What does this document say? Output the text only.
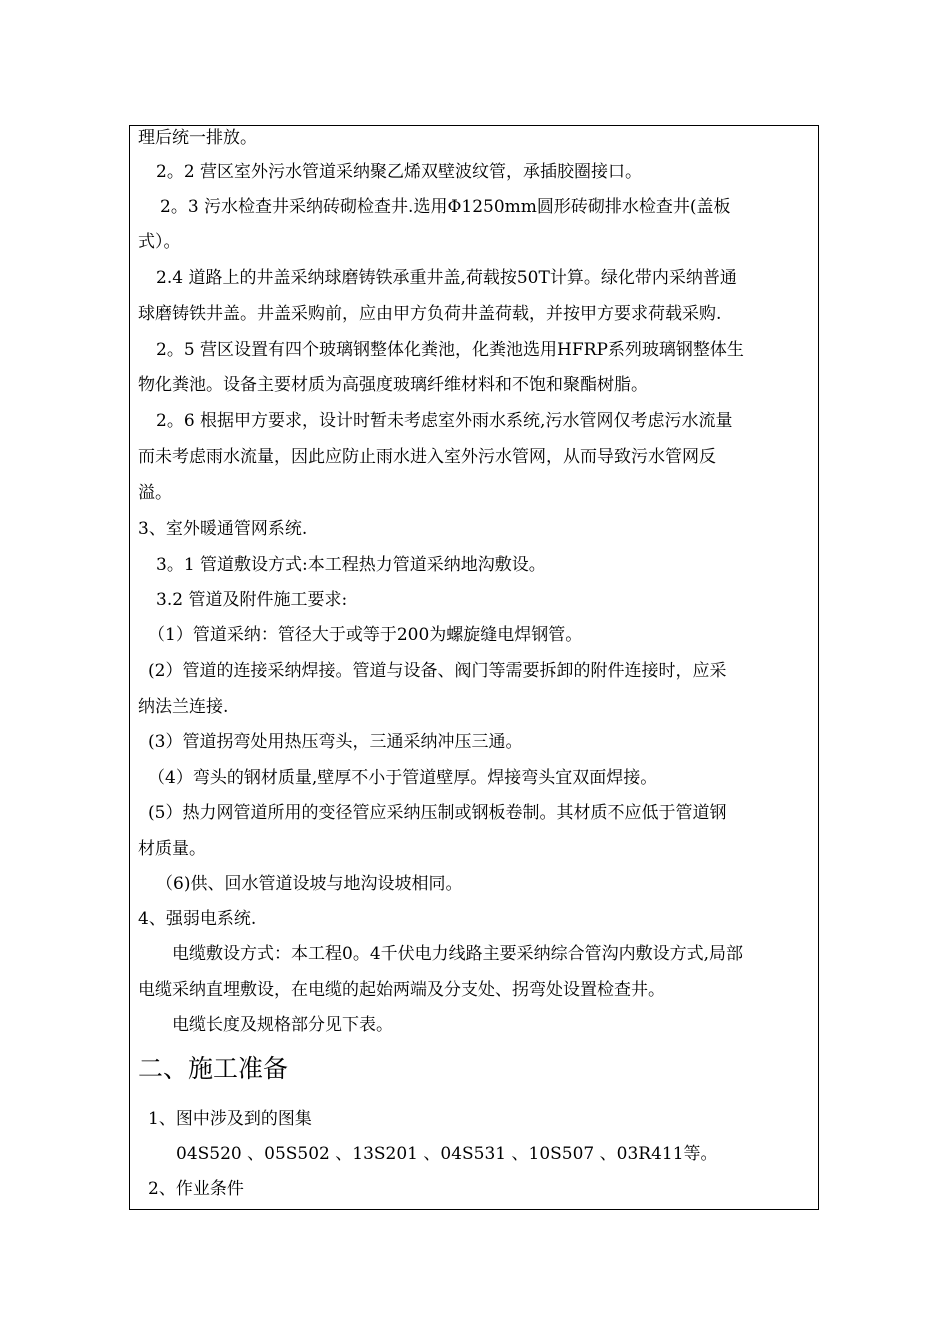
理后统一排放。
2。2 营区室外污水管道采纳聚乙烯双壁波纹管，承插胶圈接口。
2。3 污水检查井采纳砖砌检查井.选用Φ1250mm圆形砖砌排水检查井(盖板
式）。
2.4 道路上的井盖采纳球磨铸铁承重井盖,荷载按50T计算。绿化带内采纳普通
球磨铸铁井盖。井盖采购前，应由甲方负荷井盖荷载，并按甲方要求荷载采购.
2。5 营区设置有四个玻璃钢整体化粪池，化粪池选用HFRP系列玻璃钢整体生
物化粪池。设备主要材质为高强度玻璃纤维材料和不饱和聚酯树脂。
2。6 根据甲方要求，设计时暂未考虑室外雨水系统,污水管网仅考虑污水流量
而未考虑雨水流量，因此应防止雨水进入室外污水管网，从而导致污水管网反
溢。
3、室外暖通管网系统.
3。1 管道敷设方式:本工程热力管道采纳地沟敷设。
3.2 管道及附件施工要求:
（1）管道采纳：管径大于或等于200为螺旋缝电焊钢管。
(2）管道的连接采纳焊接。管道与设备、阀门等需要拆卸的附件连接时，应采
纳法兰连接.
(3）管道拐弯处用热压弯头，三通采纳冲压三通。
（4）弯头的钢材质量,壁厚不小于管道壁厚。焊接弯头宜双面焊接。
(5）热力网管道所用的变径管应采纳压制或钢板卷制。其材质不应低于管道钢
材质量。
（6)供、回水管道设坡与地沟设坡相同。
4、强弱电系统.
电缆敷设方式：本工程0。4千伏电力线路主要采纳综合管沟内敷设方式,局部
电缆采纳直埋敷设，在电缆的起始两端及分支处、拐弯处设置检查井。
电缆长度及规格部分见下表。
二、施工准备
1、图中涉及到的图集
04S520 、05S502 、13S201 、04S531 、10S507 、03R411等。
2、作业条件
